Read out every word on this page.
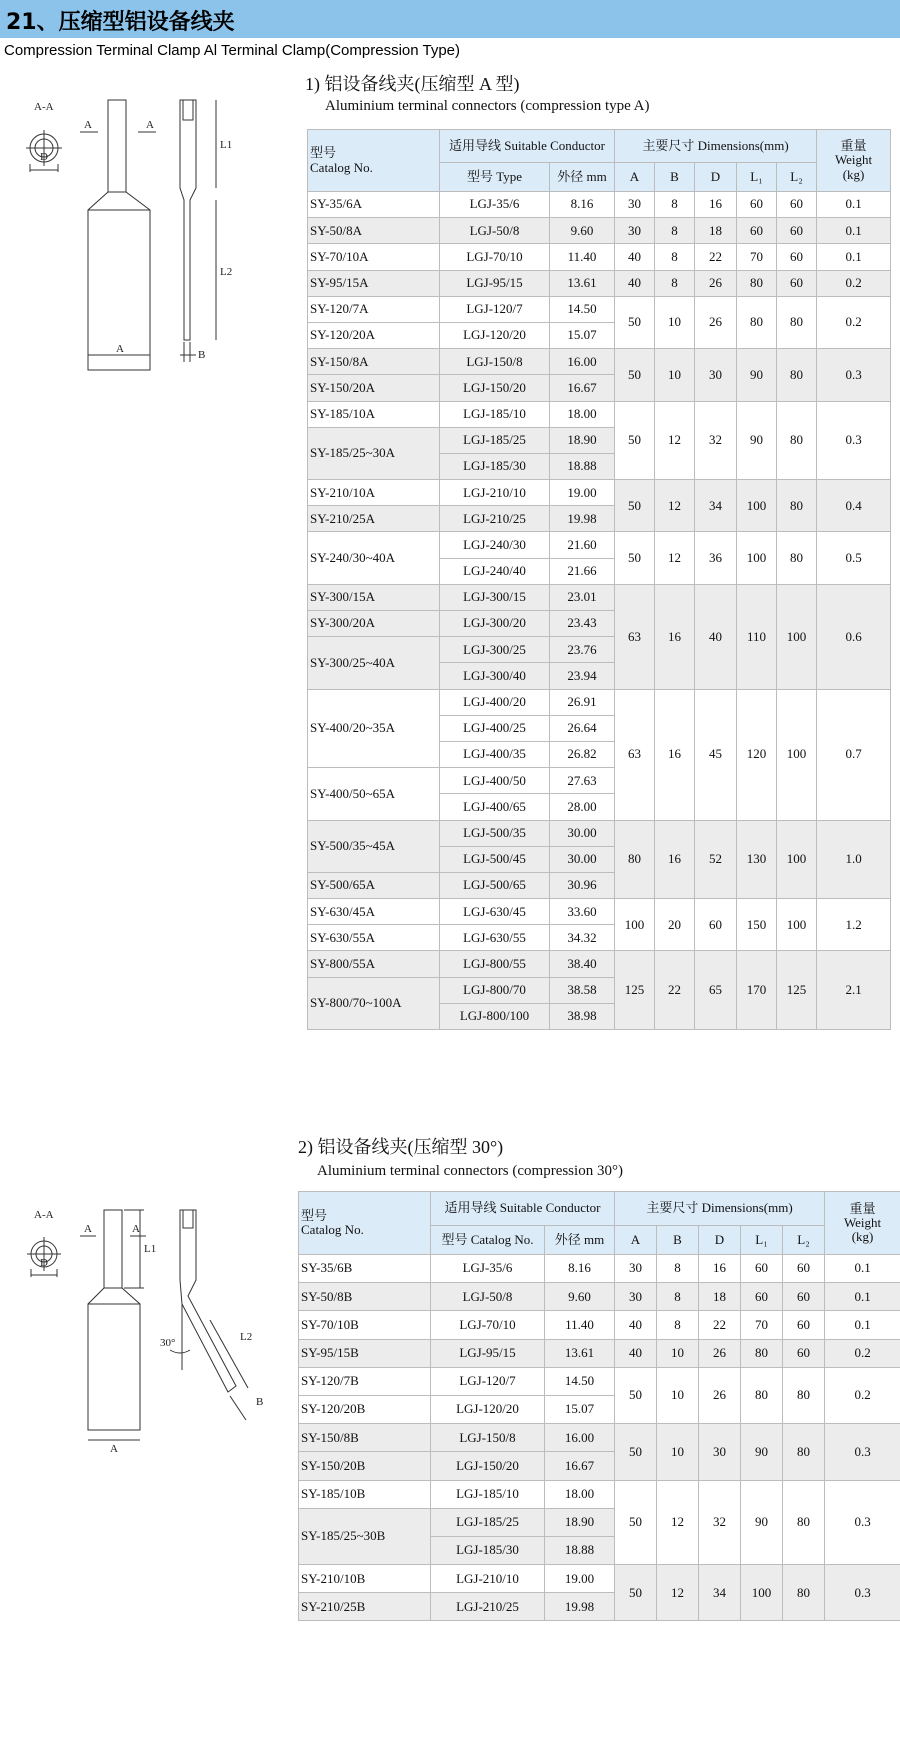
21、压缩型铝设备线夹
Compression Terminal Clamp Al Terminal Clamp(Compression Type)
A-A
D
A	A
L1
L2
A	B
1) 铝设备线夹(压缩型 A 型)
Aluminium terminal connectors (compression type A)
型号
Catalog No.	适用导线 Suitable Conductor		主要尺寸 Dimensions(mm)					重量
Weight
(kg)
	型号 Type	外径 mm	A	B	D	L₁	L₂	
SY-35/6A	LGJ-35/6	8.16	30	8	16	60	60	0.1
SY-50/8A	LGJ-50/8	9.60	30	8	18	60	60	0.1
SY-70/10A	LGJ-70/10	11.40	40	8	22	70	60	0.1
SY-95/15A	LGJ-95/15	13.61	40	8	26	80	60	0.2
SY-120/7A	LGJ-120/7	14.50	50	10	26	80	80	0.2
SY-120/20A	LGJ-120/20	15.07						
SY-150/8A	LGJ-150/8	16.00	50	10	30	90	80	0.3
SY-150/20A	LGJ-150/20	16.67						
SY-185/10A	LGJ-185/10	18.00	50	12	32	90	80	0.3
SY-185/25~30A	LGJ-185/25	18.90						
	LGJ-185/30	18.88						
SY-210/10A	LGJ-210/10	19.00	50	12	34	100	80	0.4
SY-210/25A	LGJ-210/25	19.98						
SY-240/30~40A	LGJ-240/30	21.60	50	12	36	100	80	0.5
	LGJ-240/40	21.66						
SY-300/15A	LGJ-300/15	23.01	63	16	40	110	100	0.6
SY-300/20A	LGJ-300/20	23.43						
SY-300/25~40A	LGJ-300/25	23.76						
	LGJ-300/40	23.94						
SY-400/20~35A	LGJ-400/20	26.91	63	16	45	120	100	0.7
	LGJ-400/25	26.64						
	LGJ-400/35	26.82						
SY-400/50~65A	LGJ-400/50	27.63						
	LGJ-400/65	28.00						
SY-500/35~45A	LGJ-500/35	30.00	80	16	52	130	100	1.0
	LGJ-500/45	30.00						
SY-500/65A	LGJ-500/65	30.96						
SY-630/45A	LGJ-630/45	33.60	100	20	60	150	100	1.2
SY-630/55A	LGJ-630/55	34.32						
SY-800/55A	LGJ-800/55	38.40	125	22	65	170	125	2.1
SY-800/70~100A	LGJ-800/70	38.58						
	LGJ-800/100	38.98						
A-A
D
A	A
L1
L2
A
B
30°
2) 铝设备线夹(压缩型 30°)
Aluminium terminal connectors (compression 30°)
型号
Catalog No.	适用导线 Suitable Conductor		主要尺寸 Dimensions(mm)					重量
Weight
(kg)
	型号 Catalog No.	外径 mm	A	B	D	L₁	L₂	
SY-35/6B	LGJ-35/6	8.16	30	8	16	60	60	0.1
SY-50/8B	LGJ-50/8	9.60	30	8	18	60	60	0.1
SY-70/10B	LGJ-70/10	11.40	40	8	22	70	60	0.1
SY-95/15B	LGJ-95/15	13.61	40	10	26	80	60	0.2
SY-120/7B	LGJ-120/7	14.50	50	10	26	80	80	0.2
SY-120/20B	LGJ-120/20	15.07						
SY-150/8B	LGJ-150/8	16.00	50	10	30	90	80	0.3
SY-150/20B	LGJ-150/20	16.67						
SY-185/10B	LGJ-185/10	18.00	50	12	32	90	80	0.3
SY-185/25~30B	LGJ-185/25	18.90						
	LGJ-185/30	18.88						
SY-210/10B	LGJ-210/10	19.00	50	12	34	100	80	0.3
SY-210/25B	LGJ-210/25	19.98						
